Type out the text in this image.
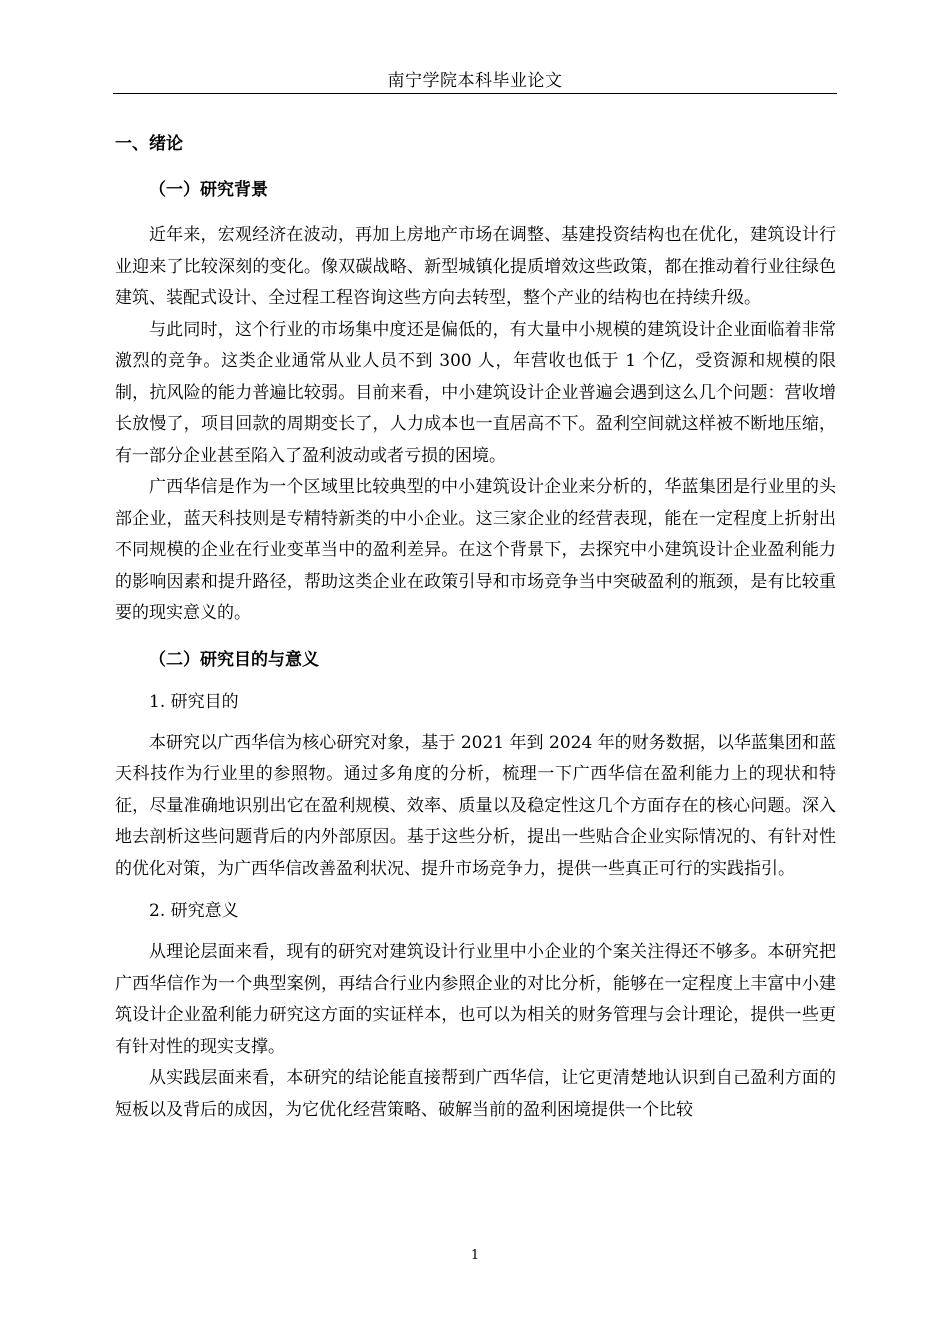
南宁学院本科毕业论文
一、绪论
（一）研究背景

近年来，宏观经济在波动，再加上房地产市场在调整、基建投资结构也在优化，建筑设计行业迎来了比较深刻的变化。像双碳战略、新型城镇化提质增效这些政策，都在推动着行业往绿色建筑、装配式设计、全过程工程咨询这些方向去转型，整个产业的结构也在持续升级。

与此同时，这个行业的市场集中度还是偏低的，有大量中小规模的建筑设计企业面临着非常激烈的竞争。这类企业通常从业人员不到 300 人，年营收也低于 1 个亿，受资源和规模的限制，抗风险的能力普遍比较弱。目前来看，中小建筑设计企业普遍会遇到这么几个问题：营收增长放慢了，项目回款的周期变长了，人力成本也一直居高不下。盈利空间就这样被不断地压缩，有一部分企业甚至陷入了盈利波动或者亏损的困境。

广西华信是作为一个区域里比较典型的中小建筑设计企业来分析的，华蓝集团是行业里的头部企业，蓝天科技则是专精特新类的中小企业。这三家企业的经营表现，能在一定程度上折射出不同规模的企业在行业变革当中的盈利差异。在这个背景下，去探究中小建筑设计企业盈利能力的影响因素和提升路径，帮助这类企业在政策引导和市场竞争当中突破盈利的瓶颈，是有比较重要的现实意义的。

（二）研究目的与意义
1. 研究目的

本研究以广西华信为核心研究对象，基于 2021 年到 2024 年的财务数据，以华蓝集团和蓝天科技作为行业里的参照物。通过多角度的分析，梳理一下广西华信在盈利能力上的现状和特征，尽量准确地识别出它在盈利规模、效率、质量以及稳定性这几个方面存在的核心问题。深入地去剖析这些问题背后的内外部原因。基于这些分析，提出一些贴合企业实际情况的、有针对性的优化对策，为广西华信改善盈利状况、提升市场竞争力，提供一些真正可行的实践指引。

2. 研究意义

从理论层面来看，现有的研究对建筑设计行业里中小企业的个案关注得还不够多。本研究把广西华信作为一个典型案例，再结合行业内参照企业的对比分析，能够在一定程度上丰富中小建筑设计企业盈利能力研究这方面的实证样本，也可以为相关的财务管理与会计理论，提供一些更有针对性的现实支撑。

从实践层面来看，本研究的结论能直接帮到广西华信，让它更清楚地认识到自己盈利方面的短板以及背后的成因，为它优化经营策略、破解当前的盈利困境提供一个比较

1
